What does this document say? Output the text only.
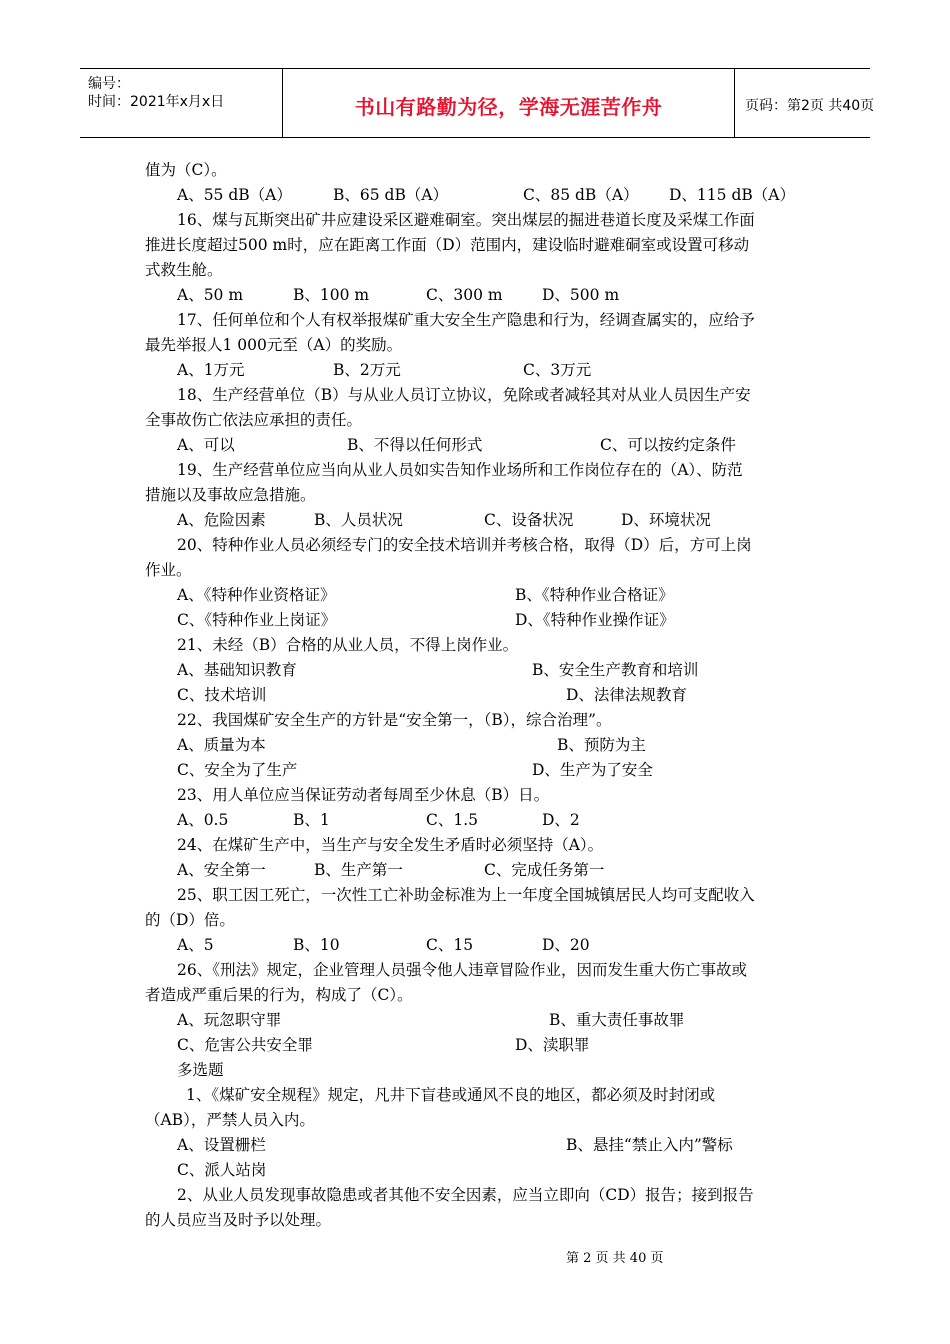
编号：
时间：2021年x月x日	书山有路勤为径，学海无涯苦作舟	页码：第2页 共40页
值为（C）。
A、55 dB（A）	B、65 dB（A）	C、85 dB（A） D、115 dB（A）
16、煤与瓦斯突出矿井应建设采区避难硐室。突出煤层的掘进巷道长度及采煤工作面
推进长度超过500 m时，应在距离工作面（D）范围内，建设临时避难硐室或设置可移动
式救生舱。
A、50 m	B、100 m	C、300 m	D、500 m
17、任何单位和个人有权举报煤矿重大安全生产隐患和行为，经调查属实的，应给予
最先举报人1 000元至（A）的奖励。
A、1万元	B、2万元	C、3万元
18、生产经营单位（B）与从业人员订立协议，免除或者减轻其对从业人员因生产安
全事故伤亡依法应承担的责任。
A、可以	B、不得以任何形式	C、可以按约定条件
19、生产经营单位应当向从业人员如实告知作业场所和工作岗位存在的（A）、防范
措施以及事故应急措施。
A、危险因素	B、人员状况	C、设备状况	D、环境状况
20、特种作业人员必须经专门的安全技术培训并考核合格，取得（D）后，方可上岗
作业。
A、《特种作业资格证》	B、《特种作业合格证》
C、《特种作业上岗证》	D、《特种作业操作证》
21、未经（B）合格的从业人员，不得上岗作业。
A、基础知识教育	B、安全生产教育和培训
C、技术培训	D、法律法规教育
22、我国煤矿安全生产的方针是“安全第一，（B），综合治理”。
A、质量为本	B、预防为主
C、安全为了生产	D、生产为了安全
23、用人单位应当保证劳动者每周至少休息（B）日。
A、0.5	B、1	C、1.5	D、2
24、在煤矿生产中，当生产与安全发生矛盾时必须坚持（A）。
A、安全第一	B、生产第一	C、完成任务第一
25、职工因工死亡，一次性工亡补助金标准为上一年度全国城镇居民人均可支配收入
的（D）倍。
A、5	B、10	C、15	D、20
26、《刑法》规定，企业管理人员强令他人违章冒险作业，因而发生重大伤亡事故或
者造成严重后果的行为，构成了（C）。
A、玩忽职守罪	B、重大责任事故罪
C、危害公共安全罪	D、渎职罪
多选题
1、《煤矿安全规程》规定，凡井下盲巷或通风不良的地区，都必须及时封闭或
（AB），严禁人员入内。
A、设置栅栏	B、悬挂“禁止入内”警标
C、派人站岗
2、从业人员发现事故隐患或者其他不安全因素，应当立即向（CD）报告；接到报告
的人员应当及时予以处理。
第 2 页 共 40 页
